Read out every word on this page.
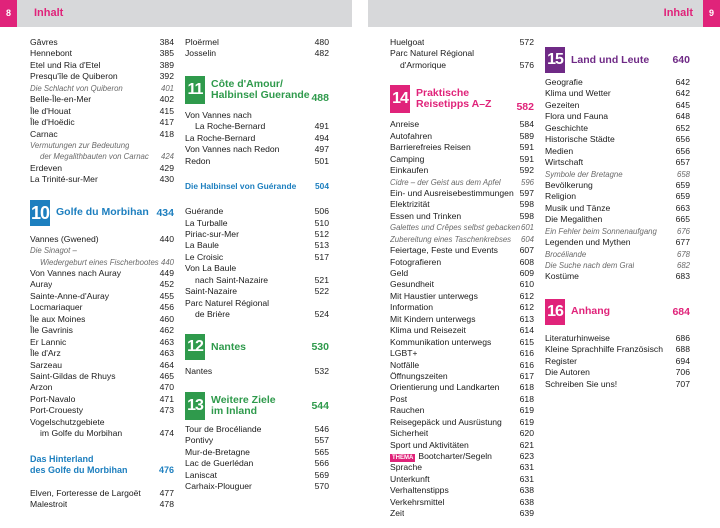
8	Inhalt	Inhalt	9
Gâvres	384
Hennebont	385
Etel und Ria d'Etel	389
Presqu'île de Quiberon	392
Die Schlacht von Quiberon	401
Belle-Île-en-Mer	402
Île d'Houat	415
Île d'Hoëdic	417
Carnac	418
Vermutungen zur Bedeutung
der Megalithbauten von Carnac 424
Erdeven	429
La Trinité-sur-Mer	430
10 Golfe du Morbihan 434
Vannes (Gwened)	440
Die Sinagot –
Wiedergeburt eines Fischerbootes 440
Von Vannes nach Auray	449
Auray	452
Sainte-Anne-d'Auray	455
Locmariaquer	456
Île aux Moines	460
Île Gavrinis	462
Er Lannic	463
Île d'Arz	463
Sarzeau	464
Saint-Gildas de Rhuys	465
Arzon	470
Port-Navalo	471
Port-Crouesty	473
Vogelschutzgebiete
im Golfe du Morbihan	474
Das Hinterland
des Golfe du Morbihan	476
Elven, Forteresse de Largoët 477
Malestroit	478
Ploërmel	480
Josselin	482
11 Côte d'Amour/
Halbinsel Guerande 488
Von Vannes nach
La Roche-Bernard	491
La Roche-Bernard	494
Von Vannes nach Redon	497
Redon	501
Die Halbinsel von Guérande 504
Guérande	506
La Turballe	510
Piriac-sur-Mer	512
La Baule	513
Le Croisic	517
Von La Baule
nach Saint-Nazaire	521
Saint-Nazaire	522
Parc Naturel Régional
de Brière	524
12 Nantes	530
Nantes	532
13 Weitere Ziele
im Inland	544
Tour de Brocéliande	546
Pontivy	557
Mur-de-Bretagne	565
Lac de Guerlédan	566
Laniscat	569
Carhaix-Plouguer	570
Huelgoat	572
Parc Naturel Régional
d'Armorique	576
14 Praktische
Reisetipps A–Z	582
Anreise	584
Autofahren	589
Barrierefreies Reisen	591
Camping	591
Einkaufen	592
Cidre – der Geist aus dem Apfel	596
Ein- und Ausreisebestimmungen 597
Elektrizität	598
Essen und Trinken	598
Galettes und Crêpes selbst gebacken 601
Zubereitung eines Taschenkrebses 604
Feiertage, Feste und Events	607
Fotografieren	608
Geld	609
Gesundheit	610
Mit Haustier unterwegs	612
Information	612
Mit Kindern unterwegs	613
Klima und Reisezeit	614
Kommunikation unterwegs	615
LGBT+	616
Notfälle	616
Öffnungszeiten	617
Orientierung und Landkarten 618
Post	618
Rauchen	619
Reisegepäck und Ausrüstung 619
Sicherheit	620
Sport und Aktivitäten	621
THEMA Bootcharter/Segeln	623
Sprache	631
Unterkunft	631
Verhaltenstipps	638
Verkehrsmittel	638
Zeit	639
15 Land und Leute	640
Geografie	642
Klima und Wetter	642
Gezeiten	645
Flora und Fauna	648
Geschichte	652
Historische Städte	656
Medien	656
Wirtschaft	657
Symbole der Bretagne	658
Bevölkerung	659
Religion	659
Musik und Tänze	663
Die Megalithen	665
Ein Fehler beim Sonnenaufgang	676
Legenden und Mythen	677
Brocéliande	678
Die Suche nach dem Gral	682
Kostüme	683
16 Anhang	684
Literaturhinweise	686
Kleine Sprachhilfe Französisch 688
Register	694
Die Autoren	706
Schreiben Sie uns!	707
